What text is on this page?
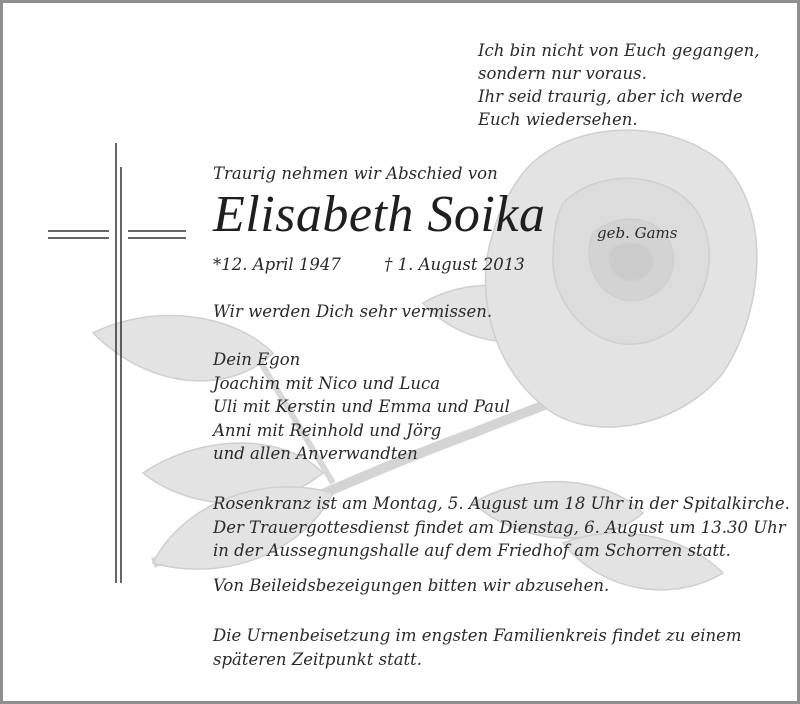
Ich bin nicht von Euch gegangen,
sondern nur voraus.
Ihr seid traurig, aber ich werde
Euch wiedersehen.
Traurig nehmen wir Abschied von
Elisabeth Soika	geb. Gams
*12. April 1947	† 1. August 2013
Wir werden Dich sehr vermissen.
Dein Egon
Joachim mit Nico und Luca
Uli mit Kerstin und Emma und Paul
Anni mit Reinhold und Jörg
und allen Anverwandten
Rosenkranz ist am Montag, 5. August um 18 Uhr in der Spitalkirche.
Der Trauergottesdienst findet am Dienstag, 6. August um 13.30 Uhr
in der Aussegnungshalle auf dem Friedhof am Schorren statt.
Von Beileidsbezeigungen bitten wir abzusehen.
Die Urnenbeisetzung im engsten Familienkreis findet zu einem
späteren Zeitpunkt statt.
